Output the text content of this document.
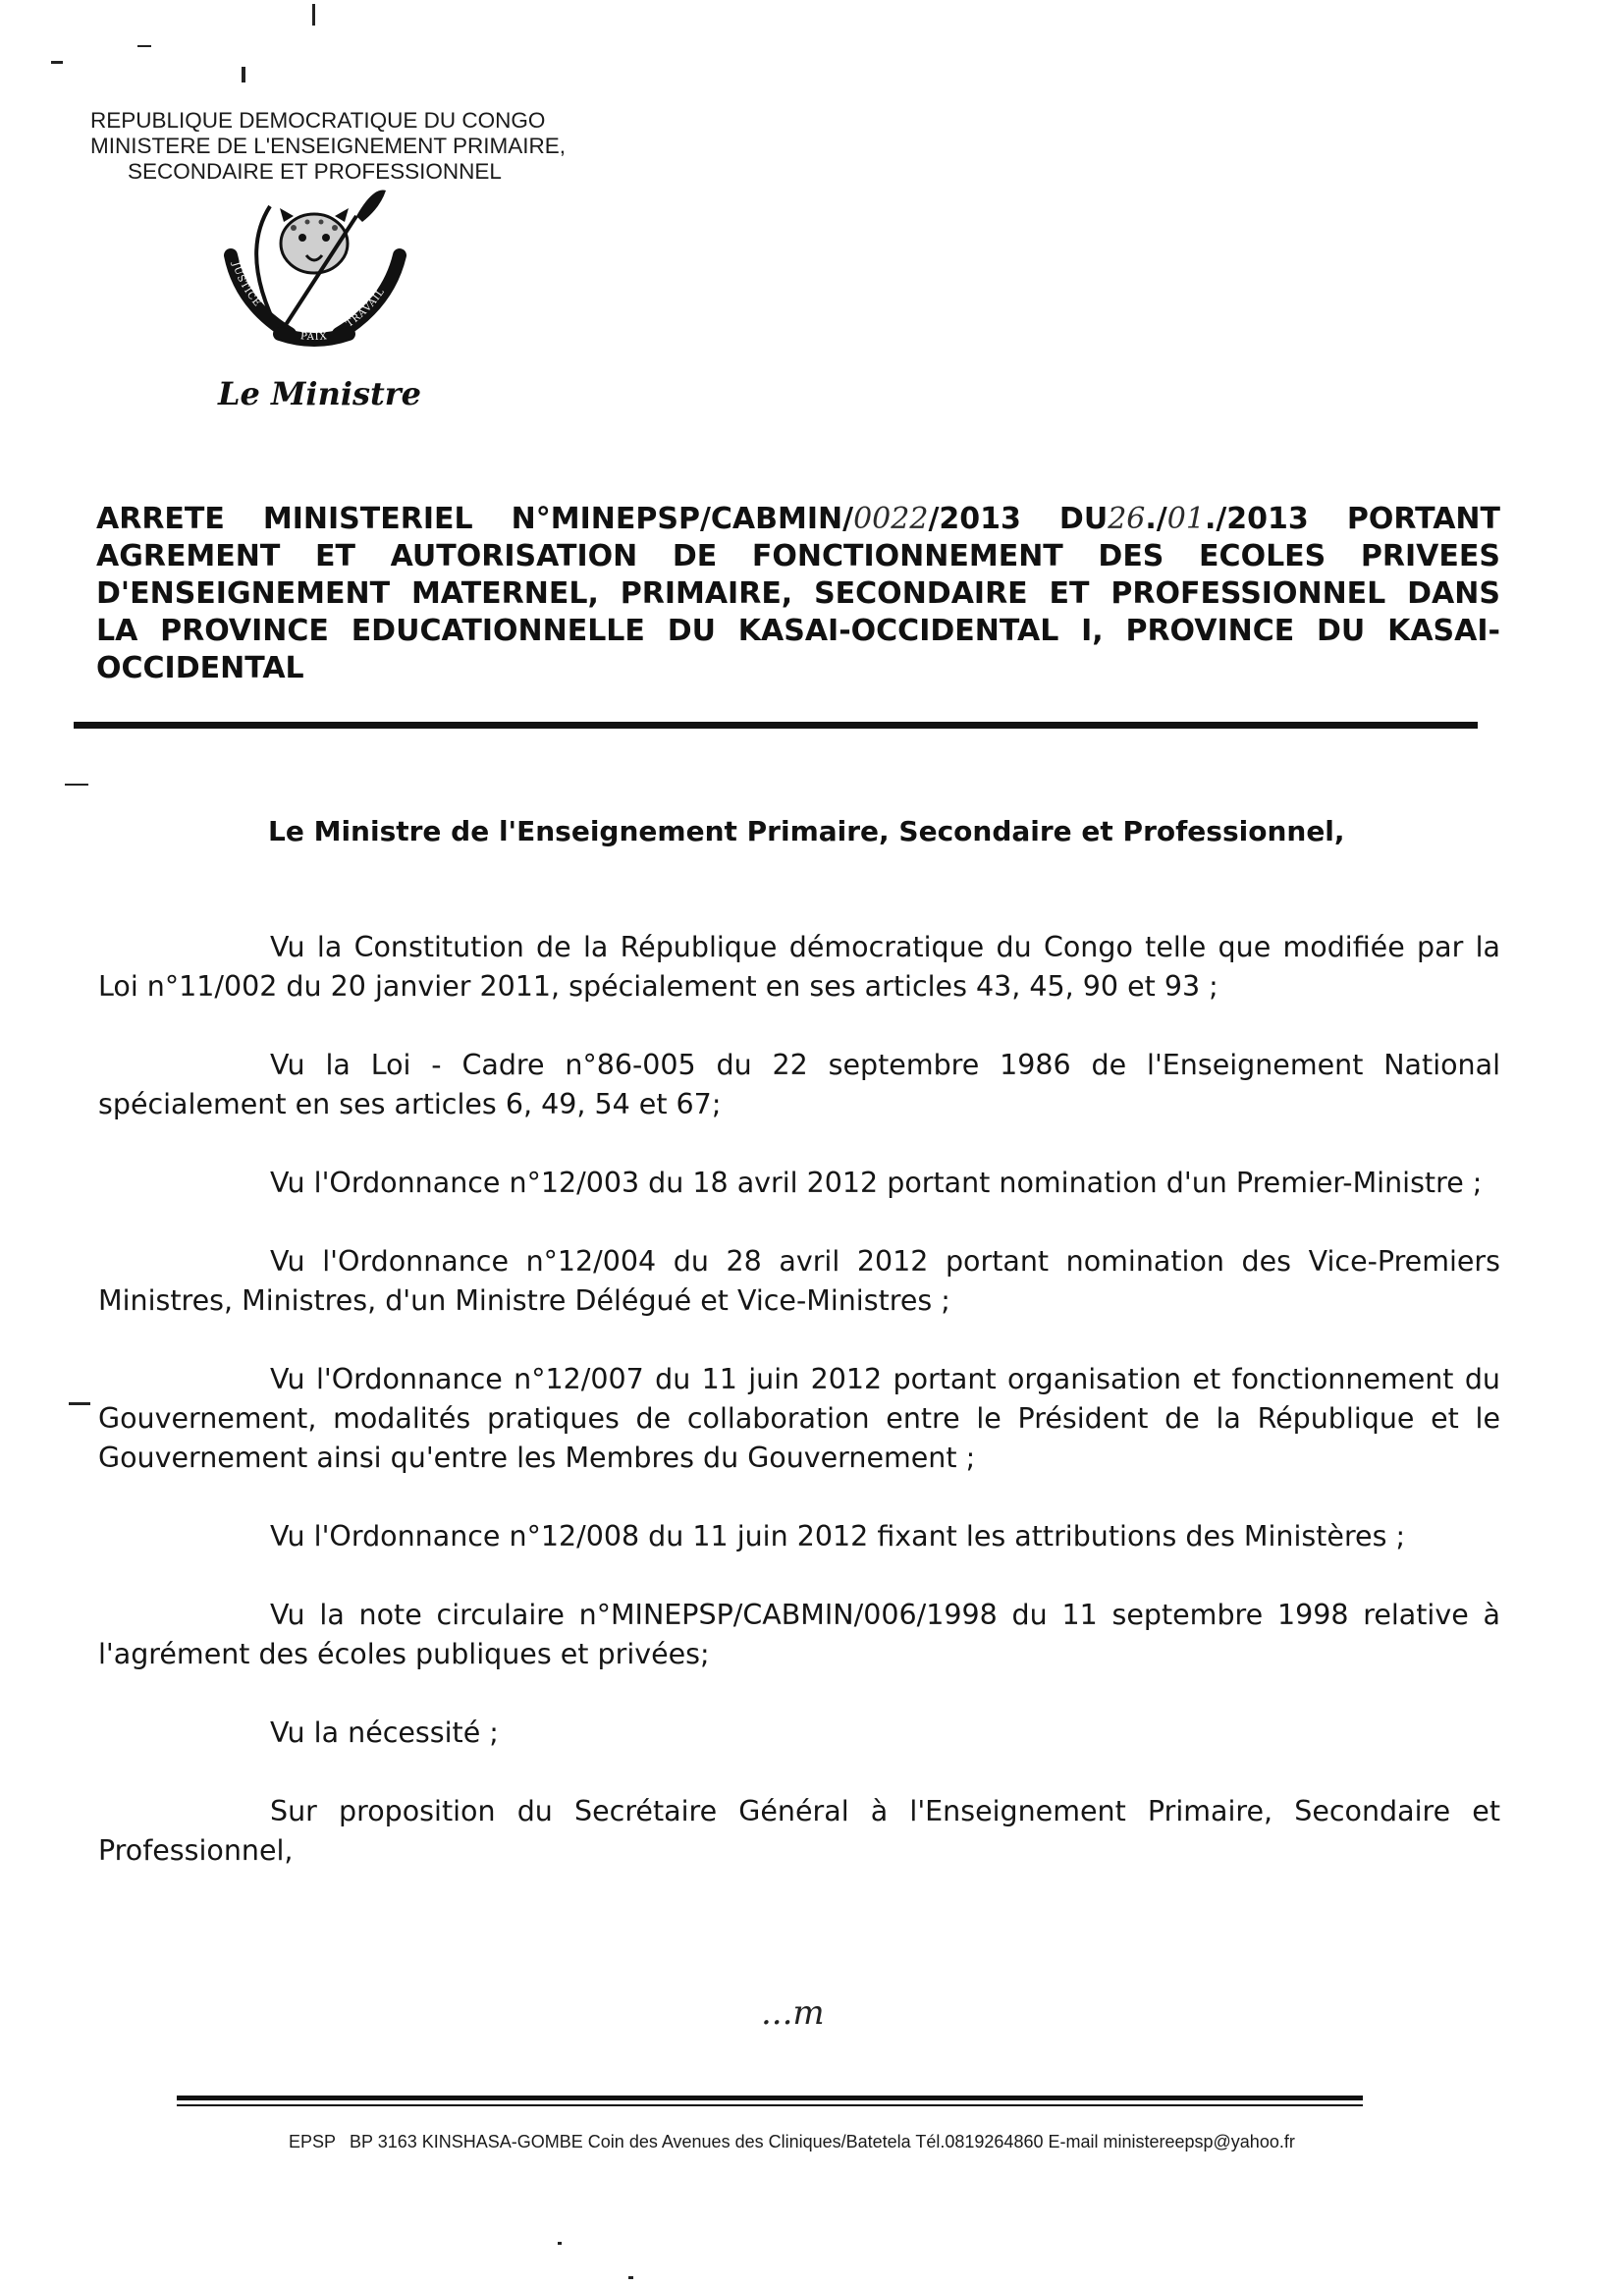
REPUBLIQUE DEMOCRATIQUE DU CONGO
MINISTERE DE L'ENSEIGNEMENT PRIMAIRE,
SECONDAIRE ET PROFESSIONNEL
JUSTICE
TRAVAIL
PAIX
Le Ministre
ARRETE MINISTERIEL N°MINEPSP/CABMIN/0022/2013 DU26./01./2013 PORTANT
AGREMENT ET AUTORISATION DE FONCTIONNEMENT DES ECOLES PRIVEES
D'ENSEIGNEMENT MATERNEL, PRIMAIRE, SECONDAIRE ET PROFESSIONNEL DANS
LA PROVINCE EDUCATIONNELLE DU KASAI-OCCIDENTAL I, PROVINCE DU KASAI-
OCCIDENTAL
Le Ministre de l'Enseignement Primaire, Secondaire et Professionnel,

Vu la Constitution de la République démocratique du Congo telle que modifiée par la Loi n°11/002 du 20 janvier 2011, spécialement en ses articles 43, 45, 90 et 93 ;

Vu la Loi - Cadre n°86-005 du 22 septembre 1986 de l'Enseignement National spécialement en ses articles 6, 49, 54 et 67;

Vu l'Ordonnance n°12/003 du 18 avril 2012 portant nomination d'un Premier-Ministre ;

Vu l'Ordonnance n°12/004 du 28 avril 2012 portant nomination des Vice-Premiers Ministres, Ministres, d'un Ministre Délégué et Vice-Ministres ;

Vu l'Ordonnance n°12/007 du 11 juin 2012 portant organisation et fonctionnement du Gouvernement, modalités pratiques de collaboration entre le Président de la République et le Gouvernement ainsi qu'entre les Membres du Gouvernement ;

Vu l'Ordonnance n°12/008 du 11 juin 2012 fixant les attributions des Ministères ;

Vu la note circulaire n°MINEPSP/CABMIN/006/1998 du 11 septembre 1998 relative à l'agrément des écoles publiques et privées;

Vu la nécessité ;

Sur proposition du Secrétaire Général à l'Enseignement Primaire, Secondaire et Professionnel,

...m
EPSP BP 3163 KINSHASA-GOMBE Coin des Avenues des Cliniques/Batetela Tél.0819264860 E-mail ministereepsp@yahoo.fr
